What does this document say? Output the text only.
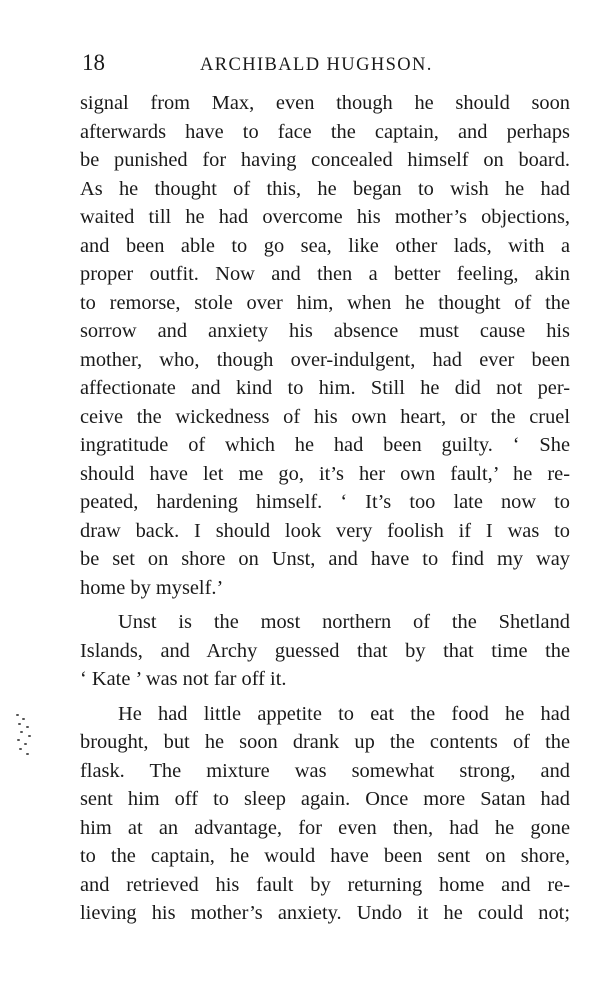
18	ARCHIBALD HUGHSON.
signal from Max, even though he should soon
afterwards have to face the captain, and perhaps
be punished for having concealed himself on board.
As he thought of this, he began to wish he had
waited till he had overcome his mother’s objections,
and been able to go sea, like other lads, with a
proper outfit. Now and then a better feeling, akin
to remorse, stole over him, when he thought of the
sorrow and anxiety his absence must cause his
mother, who, though over-indulgent, had ever been
affectionate and kind to him. Still he did not per-
ceive the wickedness of his own heart, or the cruel
ingratitude of which he had been guilty. ‘ She
should have let me go, it’s her own fault,’ he re-
peated, hardening himself. ‘ It’s too late now to
draw back. I should look very foolish if I was to
be set on shore on Unst, and have to find my way
home by myself.’
Unst is the most northern of the Shetland
Islands, and Archy guessed that by that time the
‘ Kate ’ was not far off it.
He had little appetite to eat the food he had
brought, but he soon drank up the contents of the
flask. The mixture was somewhat strong, and
sent him off to sleep again. Once more Satan had
him at an advantage, for even then, had he gone
to the captain, he would have been sent on shore,
and retrieved his fault by returning home and re-
lieving his mother’s anxiety. Undo it he could not;
